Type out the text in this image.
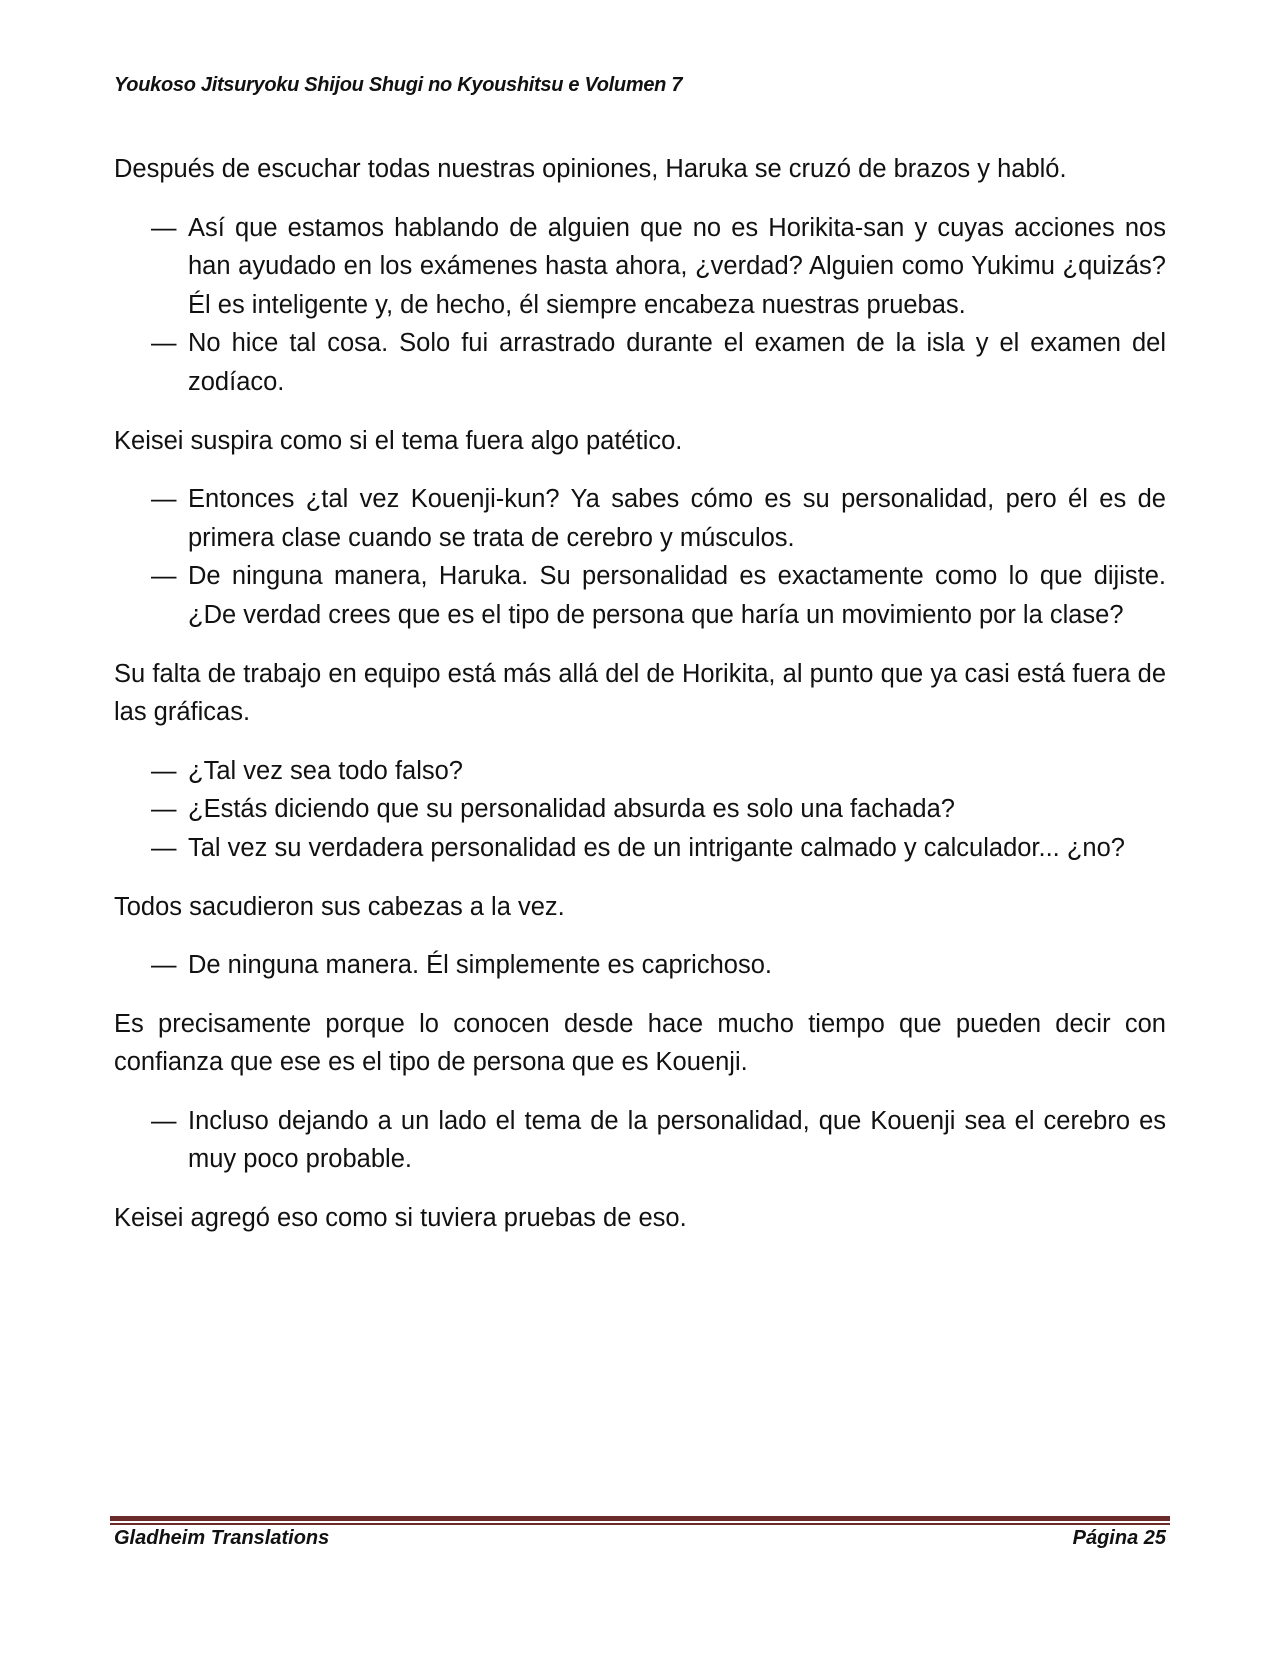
Youkoso Jitsuryoku Shijou Shugi no Kyoushitsu e Volumen 7

Después de escuchar todas nuestras opiniones, Haruka se cruzó de brazos y habló.

— Así que estamos hablando de alguien que no es Horikita-san y cuyas acciones nos han ayudado en los exámenes hasta ahora, ¿verdad? Alguien como Yukimu ¿quizás? Él es inteligente y, de hecho, él siempre encabeza nuestras pruebas.
— No hice tal cosa. Solo fui arrastrado durante el examen de la isla y el examen del zodíaco.

Keisei suspira como si el tema fuera algo patético.

— Entonces ¿tal vez Kouenji-kun? Ya sabes cómo es su personalidad, pero él es de primera clase cuando se trata de cerebro y músculos.
— De ninguna manera, Haruka. Su personalidad es exactamente como lo que dijiste. ¿De verdad crees que es el tipo de persona que haría un movimiento por la clase?

Su falta de trabajo en equipo está más allá del de Horikita, al punto que ya casi está fuera de las gráficas.

— ¿Tal vez sea todo falso?
— ¿Estás diciendo que su personalidad absurda es solo una fachada?
— Tal vez su verdadera personalidad es de un intrigante calmado y calculador... ¿no?

Todos sacudieron sus cabezas a la vez.

— De ninguna manera. Él simplemente es caprichoso.

Es precisamente porque lo conocen desde hace mucho tiempo que pueden decir con confianza que ese es el tipo de persona que es Kouenji.

— Incluso dejando a un lado el tema de la personalidad, que Kouenji sea el cerebro es muy poco probable.

Keisei agregó eso como si tuviera pruebas de eso.

Gladheim Translations	Página 25
